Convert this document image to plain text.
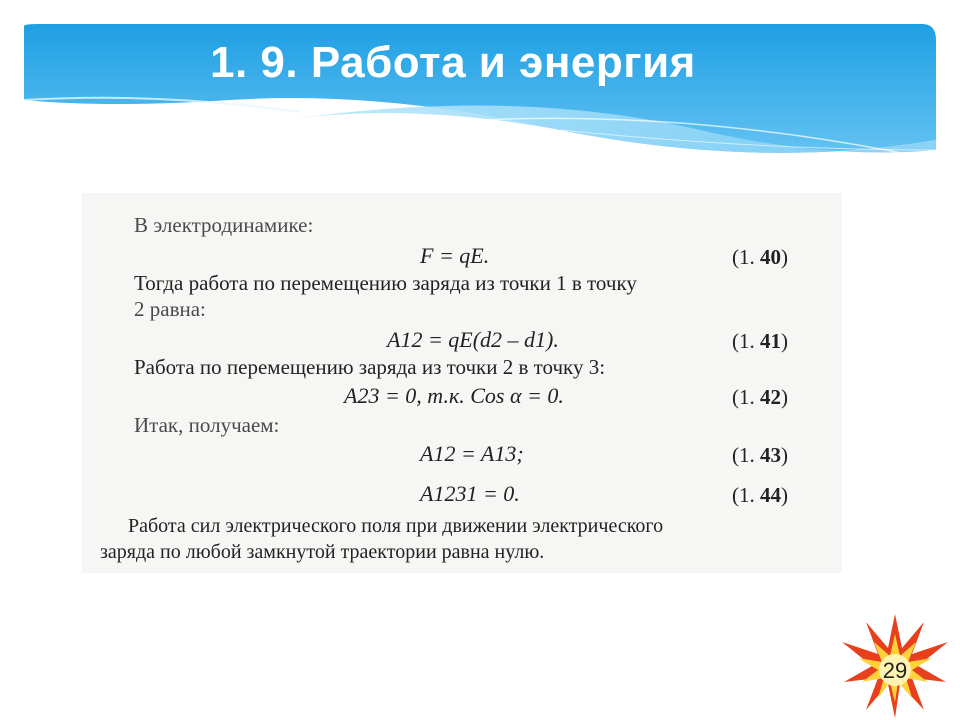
1. 9. Работа и энергия
В электродинамике:
F = qE.	(1. 40)
Тогда работа по перемещению заряда из точки 1 в точку
2 равна:
A12 = qE(d2 – d1).	(1. 41)
Работа по перемещению заряда из точки 2 в точку 3:
A23 = 0, т.к. Cos α = 0.	(1. 42)
Итак, получаем:
A12 = A13;	(1. 43)
A1231 = 0.	(1. 44)
Работа сил электрического поля при движении электрического
заряда по любой замкнутой траектории равна нулю.
29
